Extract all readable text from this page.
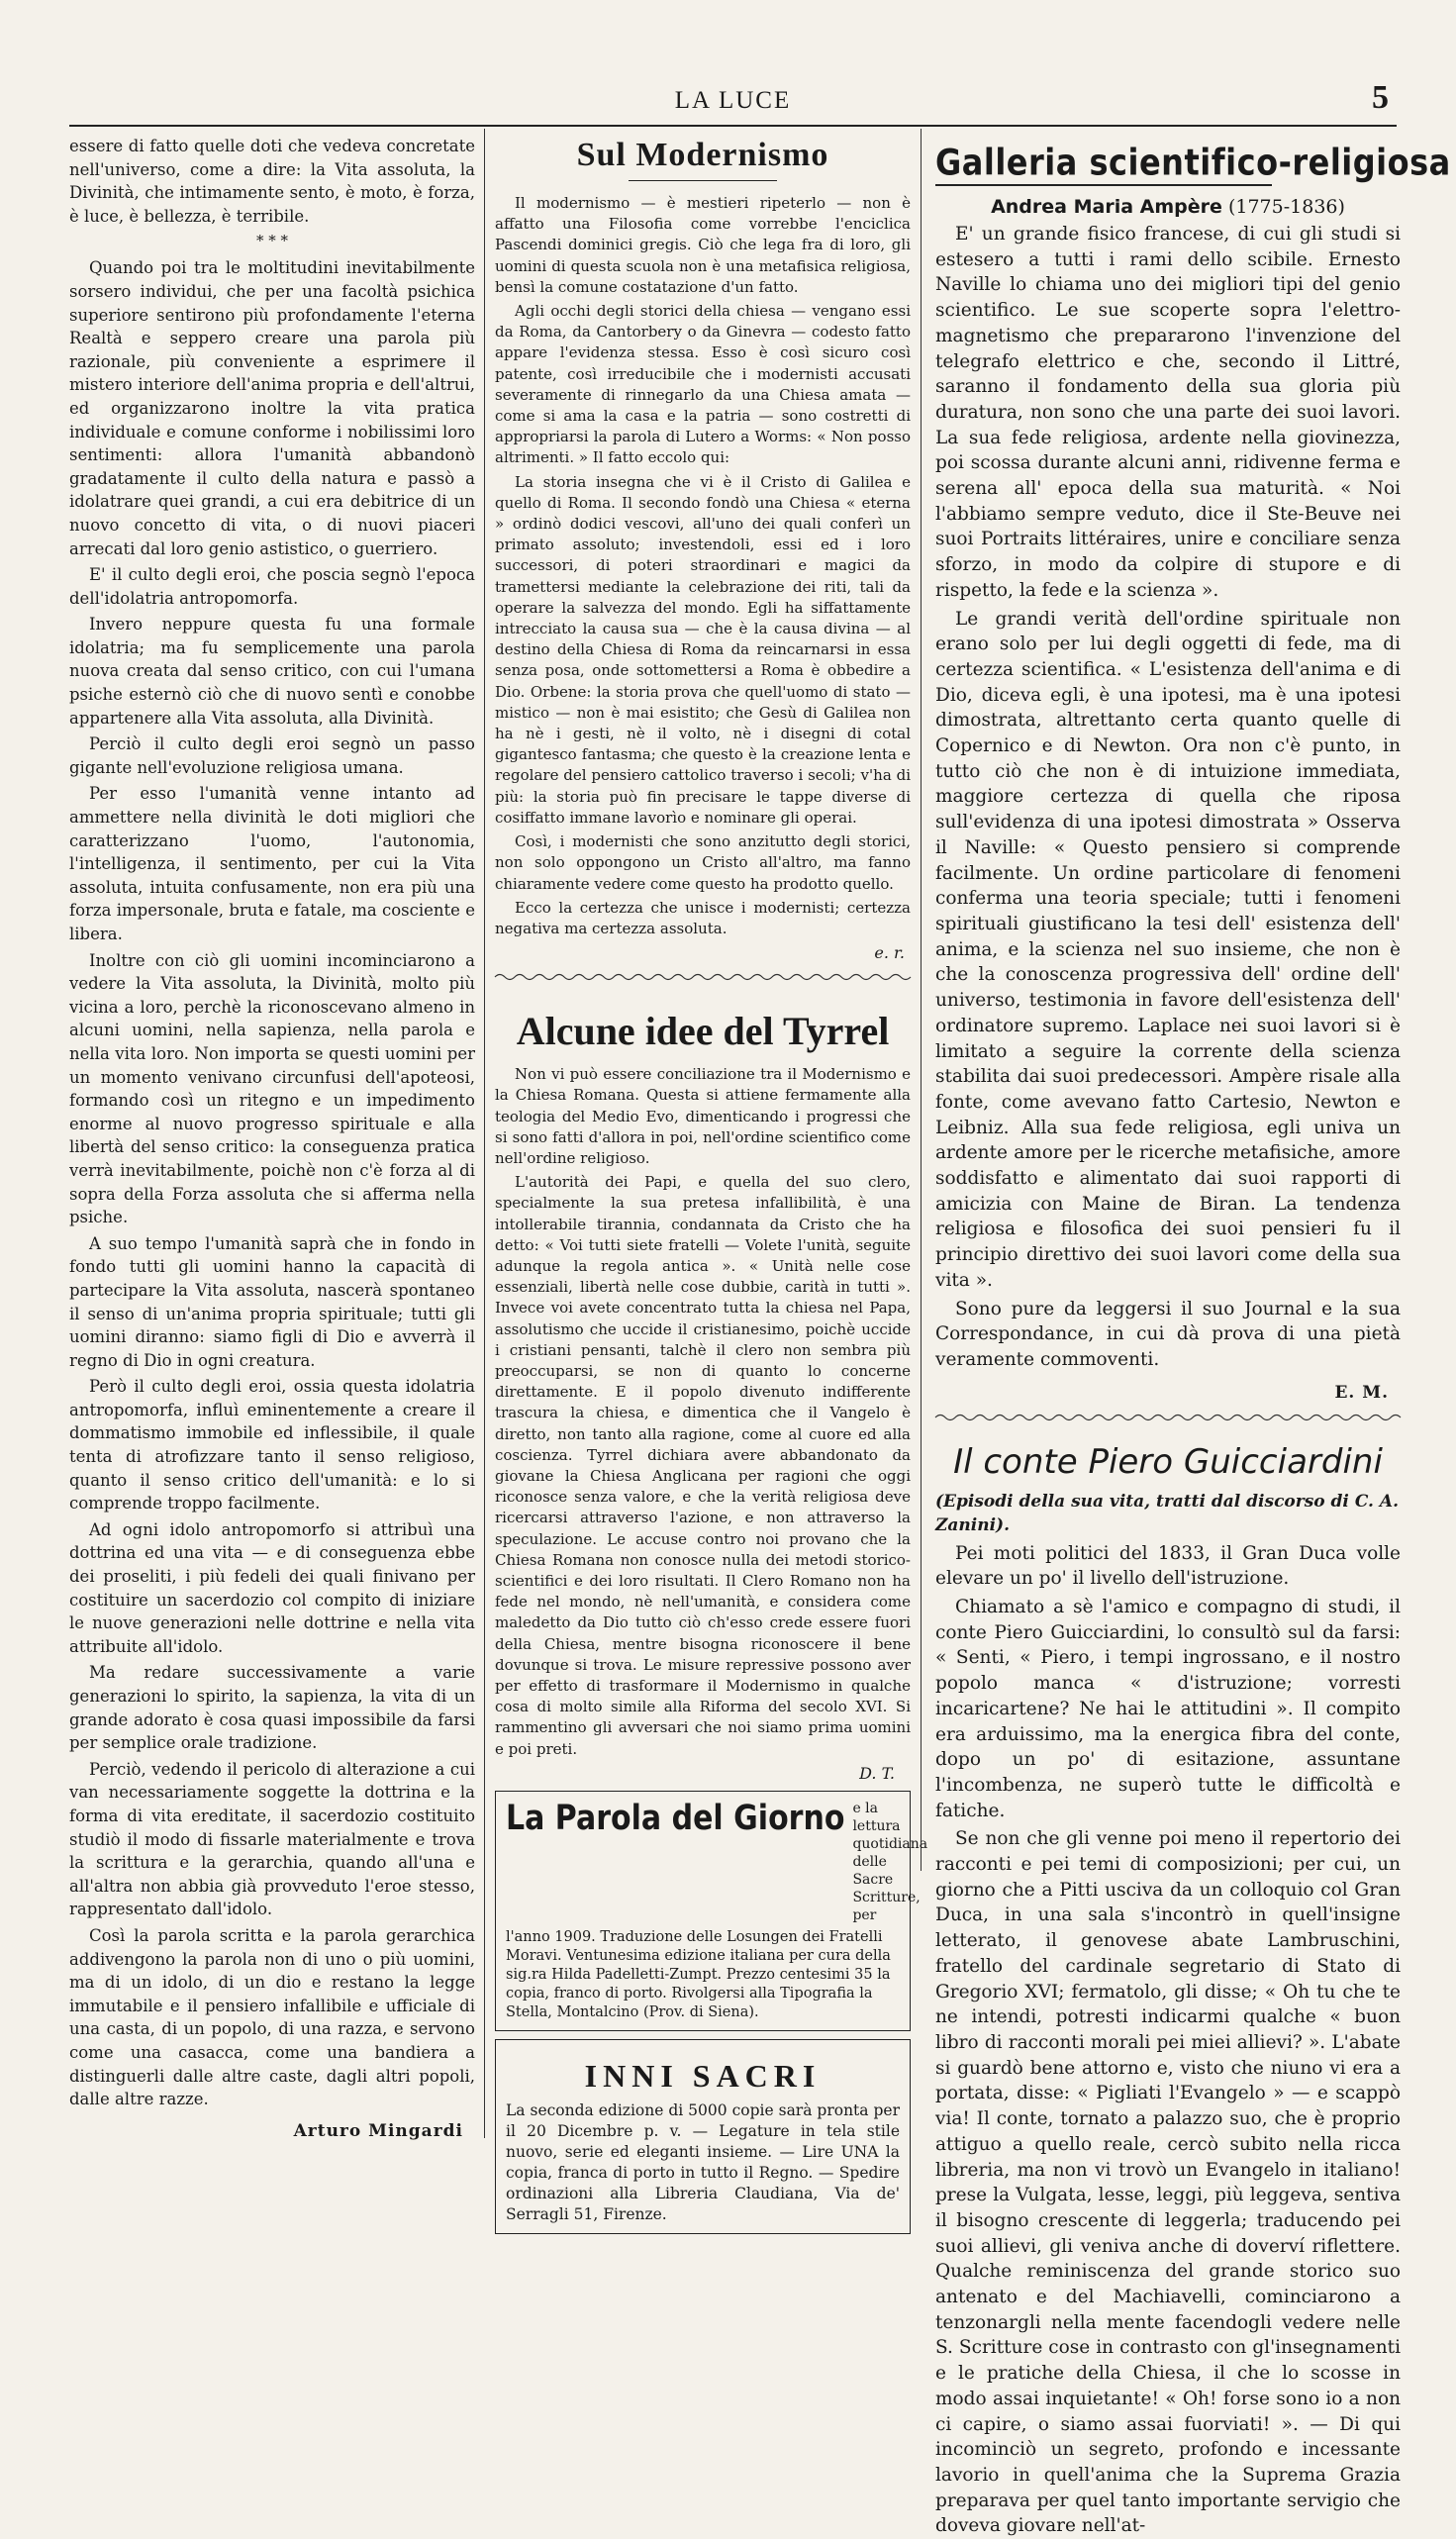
LA LUCE	5

essere di fatto quelle doti che vedeva concretate nell'universo, come a dire: la Vita assoluta, la Divinità, che intimamente sento, è moto, è forza, è luce, è bellezza, è terribile.

* * *

Quando poi tra le moltitudini inevitabilmente sorsero individui, che per una facoltà psichica superiore sentirono più profondamente l'eterna Realtà e seppero creare una parola più razionale, più conveniente a esprimere il mistero interiore dell'anima propria e dell'altrui, ed organizzarono inoltre la vita pratica individuale e comune conforme i nobilissimi loro sentimenti: allora l'umanità abbandonò gradatamente il culto della natura e passò a idolatrare quei grandi, a cui era debitrice di un nuovo concetto di vita, o di nuovi piaceri arrecati dal loro genio astistico, o guerriero.

E' il culto degli eroi, che poscia segnò l'epoca dell'idolatria antropomorfa.

Invero neppure questa fu una formale idolatria; ma fu semplicemente una parola nuova creata dal senso critico, con cui l'umana psiche esternò ciò che di nuovo sentì e conobbe appartenere alla Vita assoluta, alla Divinità.

Perciò il culto degli eroi segnò un passo gigante nell'evoluzione religiosa umana.

Per esso l'umanità venne intanto ad ammettere nella divinità le doti migliori che caratterizzano l'uomo, l'autonomia, l'intelligenza, il sentimento, per cui la Vita assoluta, intuita confusamente, non era più una forza impersonale, bruta e fatale, ma cosciente e libera.

Inoltre con ciò gli uomini incominciarono a vedere la Vita assoluta, la Divinità, molto più vicina a loro, perchè la riconoscevano almeno in alcuni uomini, nella sapienza, nella parola e nella vita loro. Non importa se questi uomini per un momento venivano circunfusi dell'apoteosi, formando così un ritegno e un impedimento enorme al nuovo progresso spirituale e alla libertà del senso critico: la conseguenza pratica verrà inevitabilmente, poichè non c'è forza al di sopra della Forza assoluta che si afferma nella psiche.

A suo tempo l'umanità saprà che in fondo in fondo tutti gli uomini hanno la capacità di partecipare la Vita assoluta, nascerà spontaneo il senso di un'anima propria spirituale; tutti gli uomini diranno: siamo figli di Dio e avverrà il regno di Dio in ogni creatura.

Però il culto degli eroi, ossia questa idolatria antropomorfa, influì eminentemente a creare il dommatismo immobile ed inflessibile, il quale tenta di atrofizzare tanto il senso religioso, quanto il senso critico dell'umanità: e lo si comprende troppo facilmente.

Ad ogni idolo antropomorfo si attribuì una dottrina ed una vita — e di conseguenza ebbe dei proseliti, i più fedeli dei quali finivano per costituire un sacerdozio col compito di iniziare le nuove generazioni nelle dottrine e nella vita attribuite all'idolo.

Ma redare successivamente a varie generazioni lo spirito, la sapienza, la vita di un grande adorato è cosa quasi impossibile da farsi per semplice orale tradizione.

Perciò, vedendo il pericolo di alterazione a cui van necessariamente soggette la dottrina e la forma di vita ereditate, il sacerdozio costituito studiò il modo di fissarle materialmente e trova la scrittura e la gerarchia, quando all'una e all'altra non abbia già provveduto l'eroe stesso, rappresentato dall'idolo.

Così la parola scritta e la parola gerarchica addivengono la parola non di uno o più uomini, ma di un idolo, di un dio e restano la legge immutabile e il pensiero infallibile e ufficiale di una casta, di un popolo, di una razza, e servono come una casacca, come una bandiera a distinguerli dalle altre caste, dagli altri popoli, dalle altre razze.

Arturo Mingardi
Sul Modernismo

Il modernismo — è mestieri ripeterlo — non è affatto una Filosofia come vorrebbe l'enciclica Pascendi dominici gregis. Ciò che lega fra di loro, gli uomini di questa scuola non è una metafisica religiosa, bensì la comune costatazione d'un fatto.

Agli occhi degli storici della chiesa — vengano essi da Roma, da Cantorbery o da Ginevra — codesto fatto appare l'evidenza stessa. Esso è così sicuro così patente, così irreducibile che i modernisti accusati severamente di rinnegarlo da una Chiesa amata — come si ama la casa e la patria — sono costretti di appropriarsi la parola di Lutero a Worms: « Non posso altrimenti. » Il fatto eccolo qui:

La storia insegna che vi è il Cristo di Galilea e quello di Roma. Il secondo fondò una Chiesa « eterna » ordinò dodici vescovi, all'uno dei quali conferì un primato assoluto; investendoli, essi ed i loro successori, di poteri straordinari e magici da tramettersi mediante la celebrazione dei riti, tali da operare la salvezza del mondo. Egli ha siffattamente intrecciato la causa sua — che è la causa divina — al destino della Chiesa di Roma da reincarnarsi in essa senza posa, onde sottomettersi a Roma è obbedire a Dio. Orbene: la storia prova che quell'uomo di stato — mistico — non è mai esistito; che Gesù di Galilea non ha nè i gesti, nè il volto, nè i disegni di cotal gigantesco fantasma; che questo è la creazione lenta e regolare del pensiero cattolico traverso i secoli; v'ha di più: la storia può fin precisare le tappe diverse di cosiffatto immane lavorìo e nominare gli operai.

Così, i modernisti che sono anzitutto degli storici, non solo oppongono un Cristo all'altro, ma fanno chiaramente vedere come questo ha prodotto quello.

Ecco la certezza che unisce i modernisti; certezza negativa ma certezza assoluta.

e. r.
Alcune idee del Tyrrel

Non vi può essere conciliazione tra il Modernismo e la Chiesa Romana. Questa si attiene fermamente alla teologia del Medio Evo, dimenticando i progressi che si sono fatti d'allora in poi, nell'ordine scientifico come nell'ordine religioso.

L'autorità dei Papi, e quella del suo clero, specialmente la sua pretesa infallibilità, è una intollerabile tirannia, condannata da Cristo che ha detto: « Voi tutti siete fratelli — Volete l'unità, seguite adunque la regola antica ». « Unità nelle cose essenziali, libertà nelle cose dubbie, carità in tutti ». Invece voi avete concentrato tutta la chiesa nel Papa, assolutismo che uccide il cristianesimo, poichè uccide i cristiani pensanti, talchè il clero non sembra più preoccuparsi, se non di quanto lo concerne direttamente. E il popolo divenuto indifferente trascura la chiesa, e dimentica che il Vangelo è diretto, non tanto alla ragione, come al cuore ed alla coscienza. Tyrrel dichiara avere abbandonato da giovane la Chiesa Anglicana per ragioni che oggi riconosce senza valore, e che la verità religiosa deve ricercarsi attraverso l'azione, e non attraverso la speculazione. Le accuse contro noi provano che la Chiesa Romana non conosce nulla dei metodi storico-scientifici e dei loro risultati. Il Clero Romano non ha fede nel mondo, nè nell'umanità, e considera come maledetto da Dio tutto ciò ch'esso crede essere fuori della Chiesa, mentre bisogna riconoscere il bene dovunque si trova. Le misure repressive possono aver per effetto di trasformare il Modernismo in qualche cosa di molto simile alla Riforma del secolo XVI. Si rammentino gli avversari che noi siamo prima uomini e poi preti.

D. T.
La Parola del Giorno e la lettura quotidiana delle Sacre Scritture, per
l'anno 1909. Traduzione delle Losungen dei Fratelli Moravi. Ventunesima edizione italiana per cura della sig.ra Hilda Padelletti-Zumpt. Prezzo centesimi 35 la copia, franco di porto. Rivolgersi alla Tipografia la Stella, Montalcino (Prov. di Siena).
INNI SACRI
La seconda edizione di 5000 copie sarà pronta per il 20 Dicembre p. v. — Legature in tela stile nuovo, serie ed eleganti insieme. — Lire UNA la copia, franca di porto in tutto il Regno. — Spedire ordinazioni alla Libreria Claudiana, Via de' Serragli 51, Firenze.
Galleria scientifico-religiosa
Andrea Maria Ampère (1775-1836)

E' un grande fisico francese, di cui gli studi si estesero a tutti i rami dello scibile. Ernesto Naville lo chiama uno dei migliori tipi del genio scientifico. Le sue scoperte sopra l'elettro-magnetismo che prepararono l'invenzione del telegrafo elettrico e che, secondo il Littré, saranno il fondamento della sua gloria più duratura, non sono che una parte dei suoi lavori. La sua fede religiosa, ardente nella giovinezza, poi scossa durante alcuni anni, ridivenne ferma e serena all' epoca della sua maturità. « Noi l'abbiamo sempre veduto, dice il Ste-Beuve nei suoi Portraits littéraires, unire e conciliare senza sforzo, in modo da colpire di stupore e di rispetto, la fede e la scienza ».

Le grandi verità dell'ordine spirituale non erano solo per lui degli oggetti di fede, ma di certezza scientifica. « L'esistenza dell'anima e di Dio, diceva egli, è una ipotesi, ma è una ipotesi dimostrata, altrettanto certa quanto quelle di Copernico e di Newton. Ora non c'è punto, in tutto ciò che non è di intuizione immediata, maggiore certezza di quella che riposa sull'evidenza di una ipotesi dimostrata » Osserva il Naville: « Questo pensiero si comprende facilmente. Un ordine particolare di fenomeni conferma una teoria speciale; tutti i fenomeni spirituali giustificano la tesi dell' esistenza dell' anima, e la scienza nel suo insieme, che non è che la conoscenza progressiva dell' ordine dell' universo, testimonia in favore dell'esistenza dell' ordinatore supremo. Laplace nei suoi lavori si è limitato a seguire la corrente della scienza stabilita dai suoi predecessori. Ampère risale alla fonte, come avevano fatto Cartesio, Newton e Leibniz. Alla sua fede religiosa, egli univa un ardente amore per le ricerche metafisiche, amore soddisfatto e alimentato dai suoi rapporti di amicizia con Maine de Biran. La tendenza religiosa e filosofica dei suoi pensieri fu il principio direttivo dei suoi lavori come della sua vita ».

Sono pure da leggersi il suo Journal e la sua Correspondance, in cui dà prova di una pietà veramente commoventi.

E. M.
Il conte Piero Guicciardini
(Episodi della sua vita, tratti dal discorso di C. A. Zanini).

Pei moti politici del 1833, il Gran Duca volle elevare un po' il livello dell'istruzione.

Chiamato a sè l'amico e compagno di studi, il conte Piero Guicciardini, lo consultò sul da farsi: « Senti, « Piero, i tempi ingrossano, e il nostro popolo manca « d'istruzione; vorresti incaricartene? Ne hai le attitudini ». Il compito era arduissimo, ma la energica fibra del conte, dopo un po' di esitazione, assuntane l'incombenza, ne superò tutte le difficoltà e fatiche.

Se non che gli venne poi meno il repertorio dei racconti e pei temi di composizioni; per cui, un giorno che a Pitti usciva da un colloquio col Gran Duca, in una sala s'incontrò in quell'insigne letterato, il genovese abate Lambruschini, fratello del cardinale segretario di Stato di Gregorio XVI; fermatolo, gli disse; « Oh tu che te ne intendi, potresti indicarmi qualche « buon libro di racconti morali pei miei allievi? ». L'abate si guardò bene attorno e, visto che niuno vi era a portata, disse: « Pigliati l'Evangelo » — e scappò via! Il conte, tornato a palazzo suo, che è proprio attiguo a quello reale, cercò subito nella ricca libreria, ma non vi trovò un Evangelo in italiano! prese la Vulgata, lesse, leggi, più leggeva, sentiva il bisogno crescente di leggerla; traducendo pei suoi allievi, gli veniva anche di doverví riflettere. Qualche reminiscenza del grande storico suo antenato e del Machiavelli, cominciarono a tenzonargli nella mente facendogli vedere nelle S. Scritture cose in contrasto con gl'insegnamenti e le pratiche della Chiesa, il che lo scosse in modo assai inquietante! « Oh! forse sono io a non ci capire, o siamo assai fuorviati! ». — Di qui incominciò un segreto, profondo e incessante lavorio in quell'anima che la Suprema Grazia preparava per quel tanto importante servigio che doveva giovare nell'at-
